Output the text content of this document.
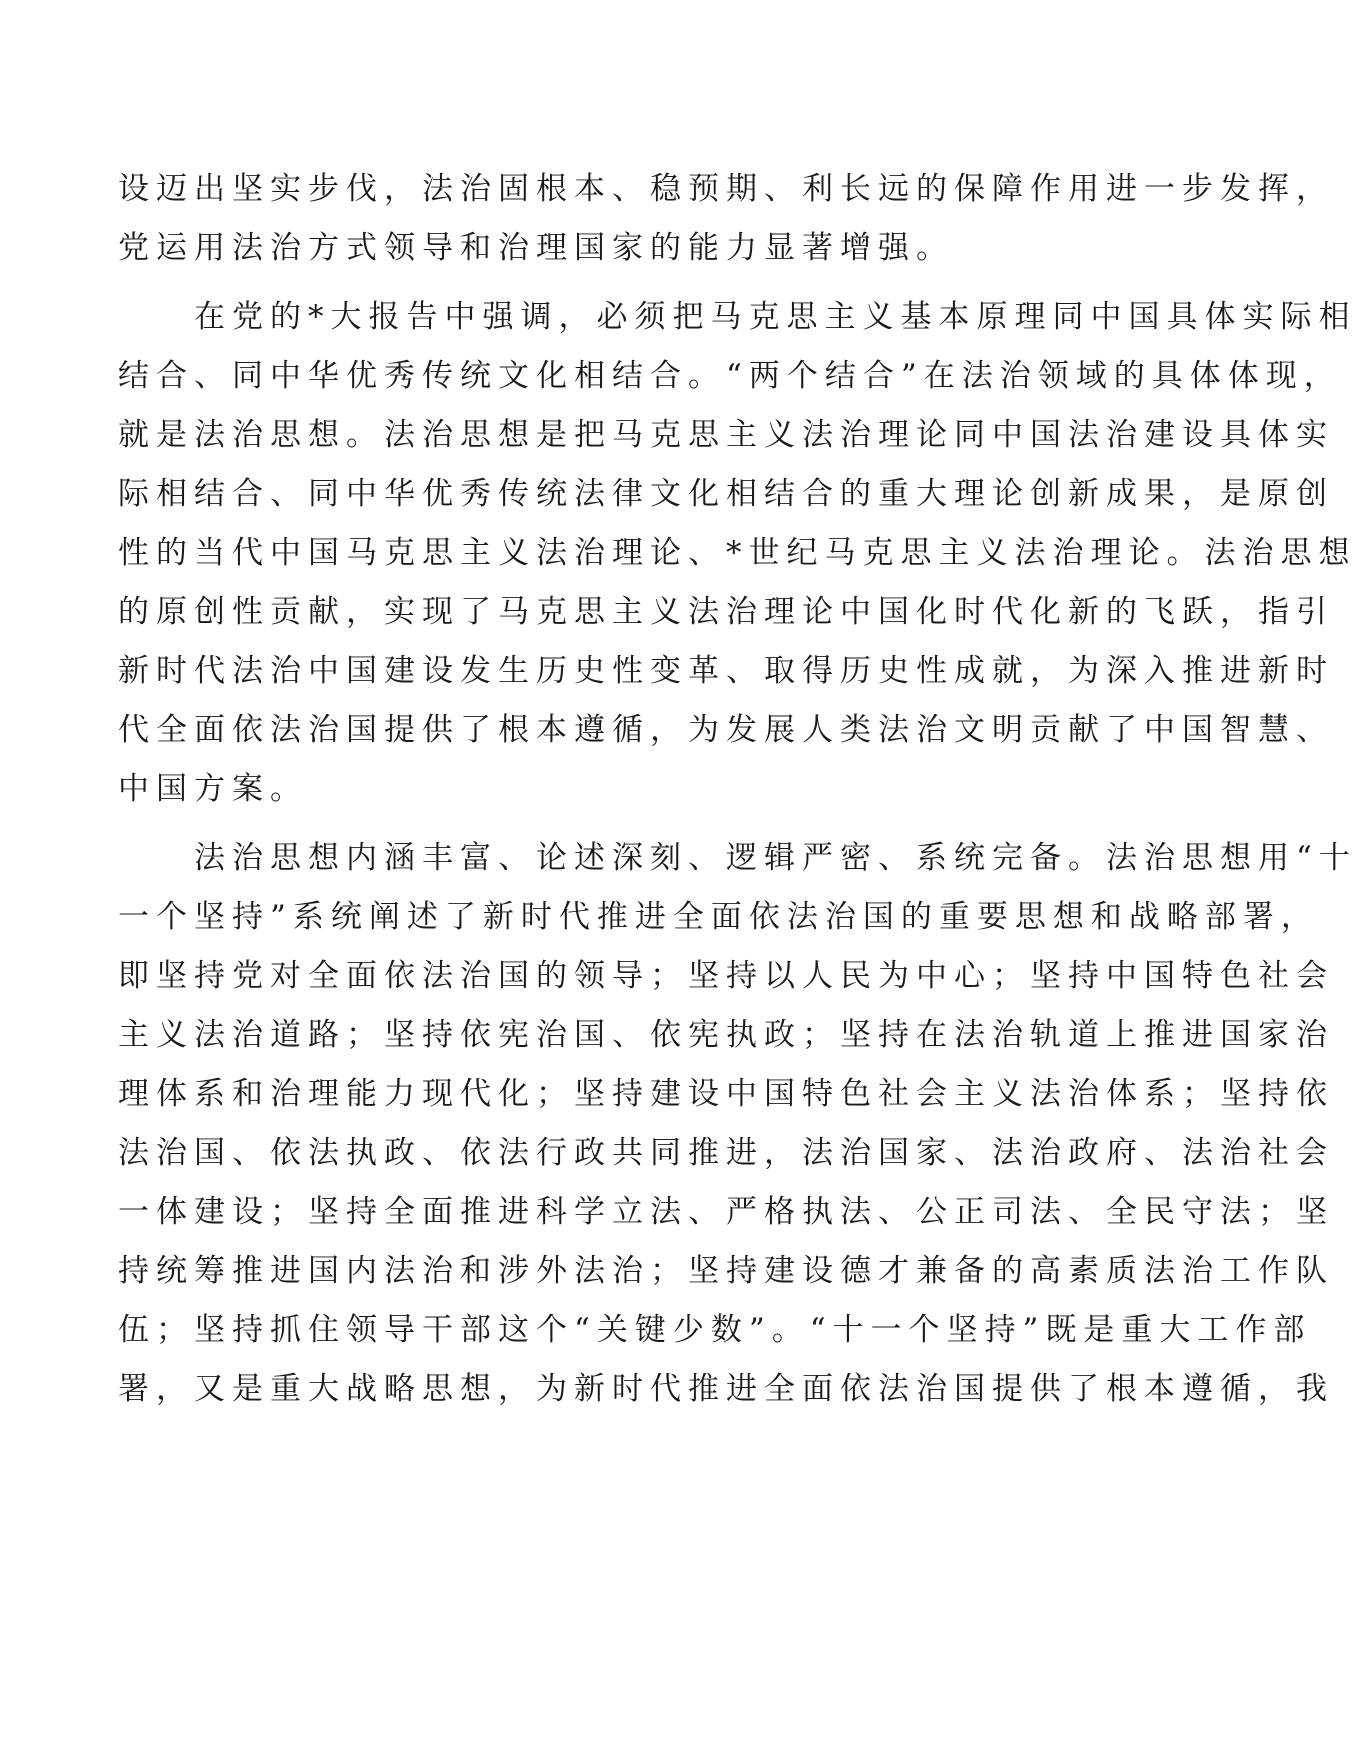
设迈出坚实步伐，法治固根本、稳预期、利长远的保障作用进一步发挥，
党运用法治方式领导和治理国家的能力显著增强。
　　在党的*大报告中强调，必须把马克思主义基本原理同中国具体实际相
结合、同中华优秀传统文化相结合。“两个结合”在法治领域的具体体现，
就是法治思想。法治思想是把马克思主义法治理论同中国法治建设具体实
际相结合、同中华优秀传统法律文化相结合的重大理论创新成果，是原创
性的当代中国马克思主义法治理论、*世纪马克思主义法治理论。法治思想
的原创性贡献，实现了马克思主义法治理论中国化时代化新的飞跃，指引
新时代法治中国建设发生历史性变革、取得历史性成就，为深入推进新时
代全面依法治国提供了根本遵循，为发展人类法治文明贡献了中国智慧、
中国方案。
　　法治思想内涵丰富、论述深刻、逻辑严密、系统完备。法治思想用“十
一个坚持”系统阐述了新时代推进全面依法治国的重要思想和战略部署，
即坚持党对全面依法治国的领导；坚持以人民为中心；坚持中国特色社会
主义法治道路；坚持依宪治国、依宪执政；坚持在法治轨道上推进国家治
理体系和治理能力现代化；坚持建设中国特色社会主义法治体系；坚持依
法治国、依法执政、依法行政共同推进，法治国家、法治政府、法治社会
一体建设；坚持全面推进科学立法、严格执法、公正司法、全民守法；坚
持统筹推进国内法治和涉外法治；坚持建设德才兼备的高素质法治工作队
伍；坚持抓住领导干部这个“关键少数”。“十一个坚持”既是重大工作部
署，又是重大战略思想，为新时代推进全面依法治国提供了根本遵循，我
